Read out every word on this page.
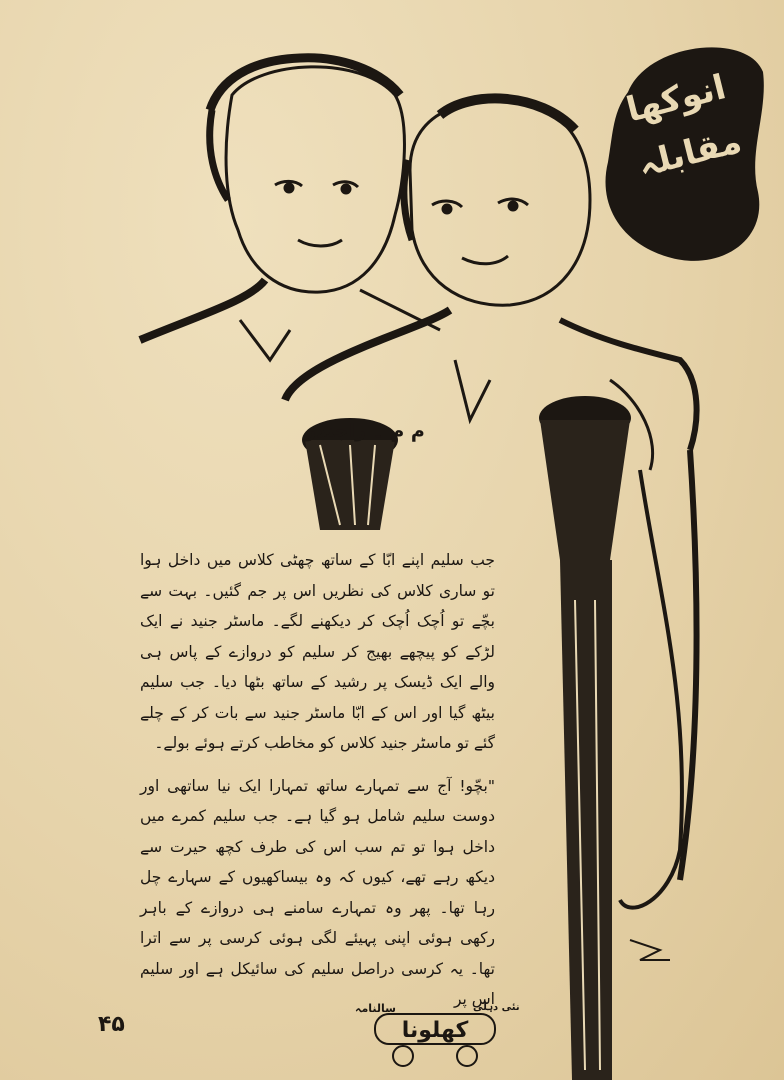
انوکھا مقابلہ
م م ۔ راجندر

جب سلیم اپنے ابّا کے ساتھ چھٹی کلاس میں داخل ہوا تو ساری کلاس کی نظریں اس پر جم گئیں۔ بہت سے بچّے تو اُچک اُچک کر دیکھنے لگے۔ ماسٹر جنید نے ایک لڑکے کو پیچھے بھیج کر سلیم کو دروازے کے پاس ہی والے ایک ڈیسک پر رشید کے ساتھ بٹھا دیا۔ جب سلیم بیٹھ گیا اور اس کے ابّا ماسٹر جنید سے بات کر کے چلے گئے تو ماسٹر جنید کلاس کو مخاطب کرتے ہوئے بولے۔

"بچّو! آج سے تمہارے ساتھ تمہارا ایک نیا ساتھی اور دوست سلیم شامل ہو گیا ہے۔ جب سلیم کمرے میں داخل ہوا تو تم سب اس کی طرف کچھ حیرت سے دیکھ رہے تھے، کیوں کہ وہ بیساکھیوں کے سہارے چل رہا تھا۔ پھر وہ تمہارے سامنے ہی دروازے کے باہر رکھی ہوئی اپنی پہیئے لگی ہوئی کرسی پر سے اترا تھا۔ یہ کرسی دراصل سلیم کی سائیکل ہے اور سلیم اس پر

۴۵
سالنامہ	نئی دہلی
کھلونا
